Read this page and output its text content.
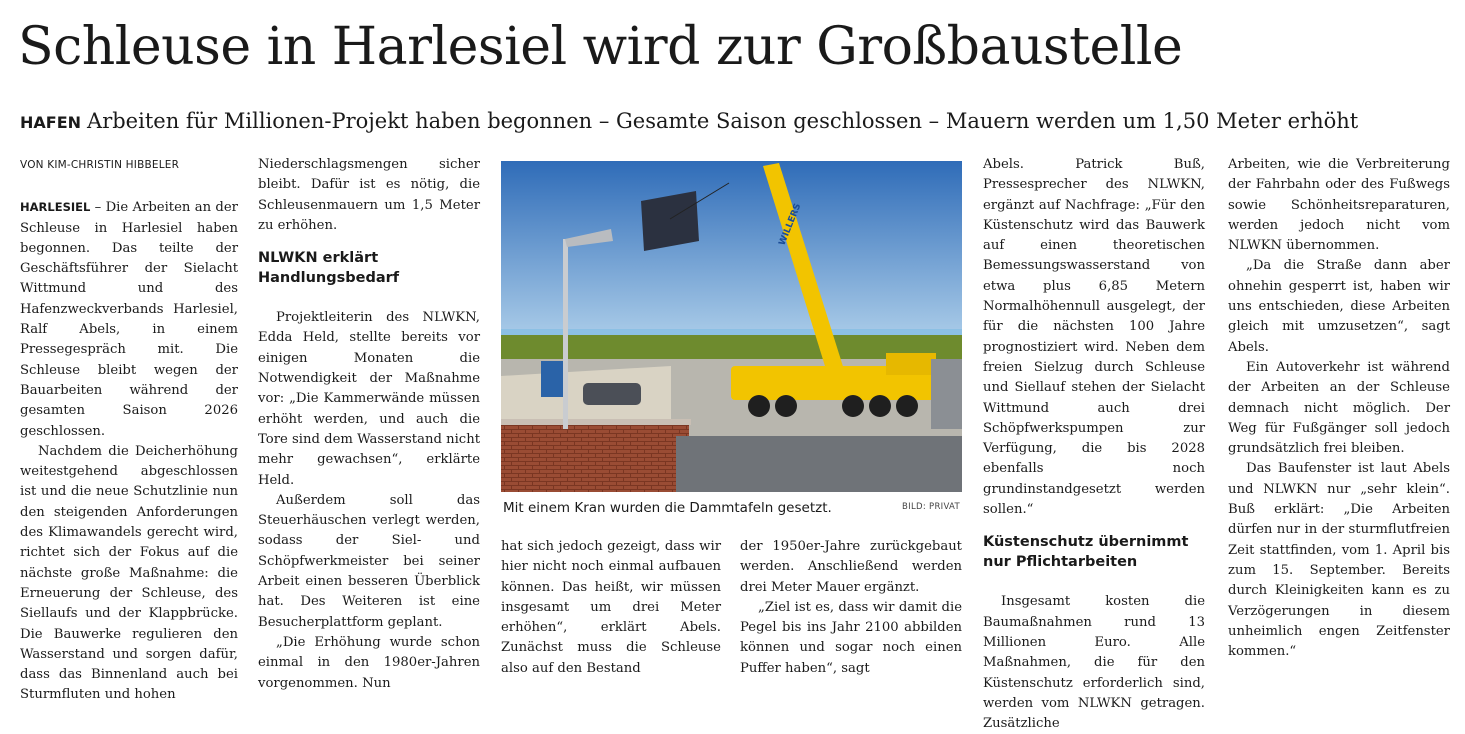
Schleuse in Harlesiel wird zur Großbaustelle
HAFEN Arbeiten für Millionen-Projekt haben begonnen – Gesamte Saison geschlossen – Mauern werden um 1,50 Meter erhöht
VON KIM-CHRISTIN HIBBELER

HARLESIEL – Die Arbeiten an der Schleuse in Harlesiel haben begonnen. Das teilte der Geschäftsführer der Sielacht Wittmund und des Hafenzweckverbands Harlesiel, Ralf Abels, in einem Pressegespräch mit. Die Schleuse bleibt wegen der Bauarbeiten während der gesamten Saison 2026 geschlossen.

Nachdem die Deicherhöhung weitestgehend abgeschlossen ist und die neue Schutzlinie nun den steigenden Anforderungen des Klimawandels gerecht wird, richtet sich der Fokus auf die nächste große Maßnahme: die Erneuerung der Schleuse, des Siellaufs und der Klappbrücke. Die Bauwerke regulieren den Wasserstand und sorgen dafür, dass das Binnenland auch bei Sturmfluten und hohen

Niederschlagsmengen sicher bleibt. Dafür ist es nötig, die Schleusenmauern um 1,5 Meter zu erhöhen.

NLWKN erklärt
Handlungsbedarf

Projektleiterin des NLWKN, Edda Held, stellte bereits vor einigen Monaten die Notwendigkeit der Maßnahme vor: „Die Kammerwände müssen erhöht werden, und auch die Tore sind dem Wasserstand nicht mehr gewachsen“, erklärte Held.

Außerdem soll das Steuerhäuschen verlegt werden, sodass der Siel- und Schöpfwerkmeister bei seiner Arbeit einen besseren Überblick hat. Des Weiteren ist eine Besucherplattform geplant.

„Die Erhöhung wurde schon einmal in den 1980er-Jahren vorgenommen. Nun

WILLERS
Mit einem Kran wurden die Dammtafeln gesetzt.	BILD: PRIVAT

hat sich jedoch gezeigt, dass wir hier nicht noch einmal aufbauen können. Das heißt, wir müssen insgesamt um drei Meter erhöhen“, erklärt Abels. Zunächst muss die Schleuse also auf den Bestand

der 1950er-Jahre zurückgebaut werden. Anschließend werden drei Meter Mauer ergänzt.

„Ziel ist es, dass wir damit die Pegel bis ins Jahr 2100 abbilden können und sogar noch einen Puffer haben“, sagt

Abels. Patrick Buß, Pressesprecher des NLWKN, ergänzt auf Nachfrage: „Für den Küstenschutz wird das Bauwerk auf einen theoretischen Bemessungswasserstand von etwa plus 6,85 Metern Normalhöhennull ausgelegt, der für die nächsten 100 Jahre prognostiziert wird. Neben dem freien Sielzug durch Schleuse und Siellauf stehen der Sielacht Wittmund auch drei Schöpfwerkspumpen zur Verfügung, die bis 2028 ebenfalls noch grundinstandgesetzt werden sollen.“

Küstenschutz übernimmt
nur Pflichtarbeiten

Insgesamt kosten die Baumaßnahmen rund 13 Millionen Euro. Alle Maßnahmen, die für den Küstenschutz erforderlich sind, werden vom NLWKN getragen. Zusätzliche

Arbeiten, wie die Verbreiterung der Fahrbahn oder des Fußwegs sowie Schönheitsreparaturen, werden jedoch nicht vom NLWKN übernommen.

„Da die Straße dann aber ohnehin gesperrt ist, haben wir uns entschieden, diese Arbeiten gleich mit umzusetzen“, sagt Abels.

Ein Autoverkehr ist während der Arbeiten an der Schleuse demnach nicht möglich. Der Weg für Fußgänger soll jedoch grundsätzlich frei bleiben.

Das Baufenster ist laut Abels und NLWKN nur „sehr klein“. Buß erklärt: „Die Arbeiten dürfen nur in der sturmflutfreien Zeit stattfinden, vom 1. April bis zum 15. September. Bereits durch Kleinigkeiten kann es zu Verzögerungen in diesem unheimlich engen Zeitfenster kommen.“
